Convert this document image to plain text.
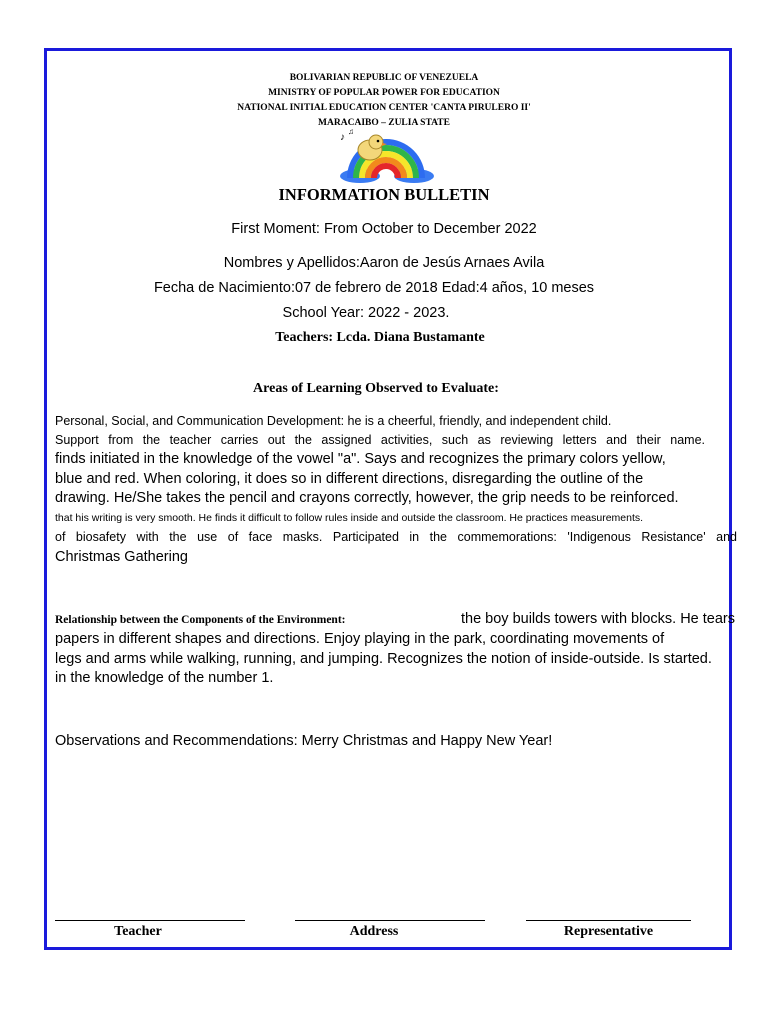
BOLIVARIAN REPUBLIC OF VENEZUELA
MINISTRY OF POPULAR POWER FOR EDUCATION
NATIONAL INITIAL EDUCATION CENTER 'CANTA PIRULERO II'
MARACAIBO – ZULIA STATE
♪
♫
INFORMATION BULLETIN
First Moment: From October to December 2022
Nombres y Apellidos:Aaron de Jesús Arnaes Avila
Fecha de Nacimiento:07 de febrero de 2018 Edad:4 años, 10 meses
School Year: 2022 - 2023.
Teachers: Lcda. Diana Bustamante
Areas of Learning Observed to Evaluate:
Personal, Social, and Communication Development: he is a cheerful, friendly, and independent child.
Support from the teacher carries out the assigned activities, such as reviewing letters and their name.
finds initiated in the knowledge of the vowel "a". Says and recognizes the primary colors yellow,
blue and red. When coloring, it does so in different directions, disregarding the outline of the
drawing. He/She takes the pencil and crayons correctly, however, the grip needs to be reinforced.
that his writing is very smooth. He finds it difficult to follow rules inside and outside the classroom. He practices measurements.
of biosafety with the use of face masks. Participated in the commemorations: 'Indigenous Resistance' and
Christmas Gathering
Relationship between the Components of the Environment:	the boy builds towers with blocks. He tears
papers in different shapes and directions. Enjoy playing in the park, coordinating movements of
legs and arms while walking, running, and jumping. Recognizes the notion of inside-outside. Is started.
in the knowledge of the number 1.
Observations and Recommendations: Merry Christmas and Happy New Year!
Teacher	Address	Representative
